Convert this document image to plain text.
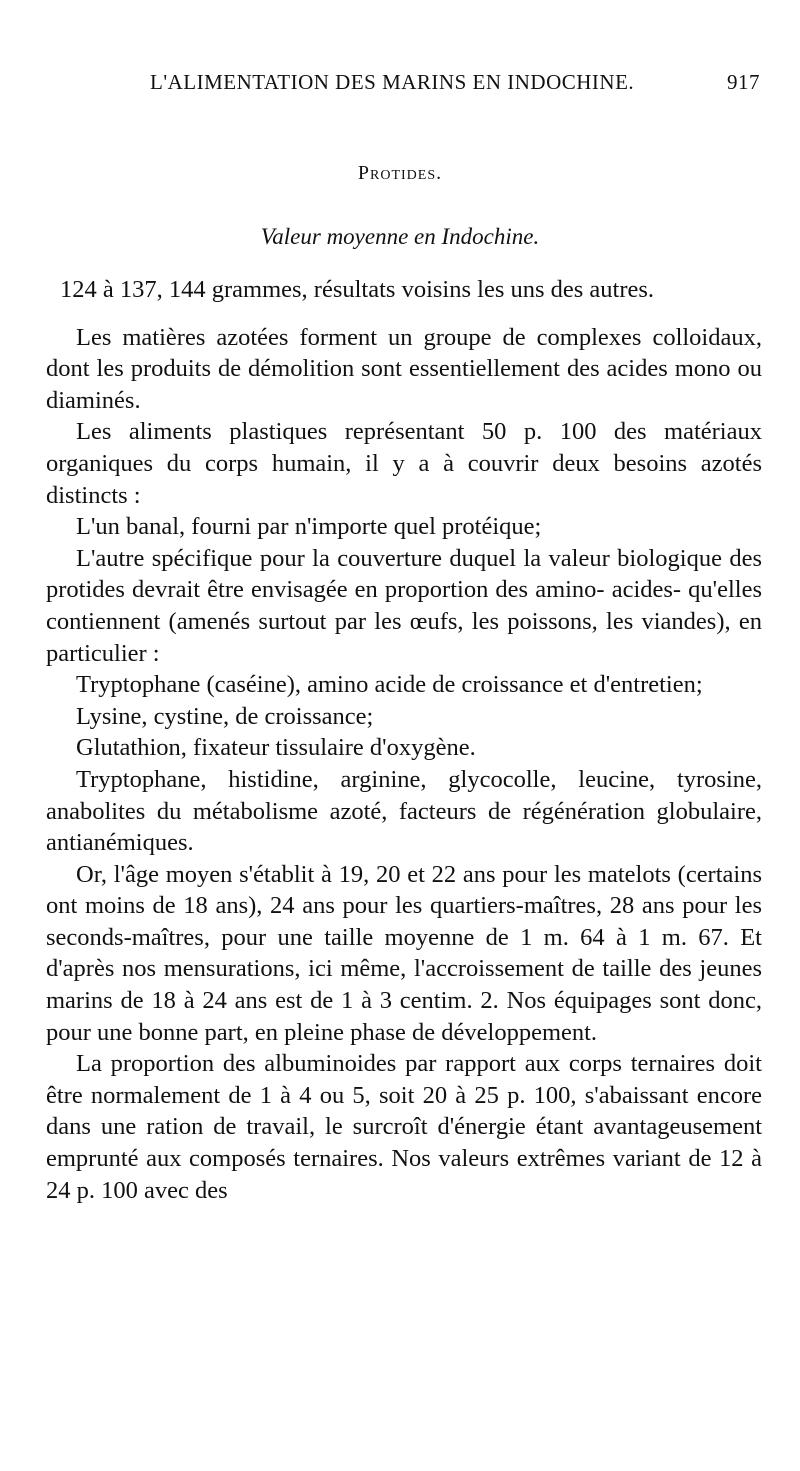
L'ALIMENTATION DES MARINS EN INDOCHINE.	917
Protides.
Valeur moyenne en Indochine.

124 à 137, 144 grammes, résultats voisins les uns des autres.

Les matières azotées forment un groupe de complexes colloidaux, dont les produits de démolition sont essentiellement des acides mono ou diaminés.

Les aliments plastiques représentant 50 p. 100 des matériaux organiques du corps humain, il y a à couvrir deux besoins azotés distincts :

L'un banal, fourni par n'importe quel protéique;

L'autre spécifique pour la couverture duquel la valeur biologique des protides devrait être envisagée en proportion des amino- acides- qu'elles contiennent (amenés surtout par les œufs, les poissons, les viandes), en particulier :

Tryptophane (caséine), amino acide de croissance et d'entretien;

Lysine, cystine, de croissance;

Glutathion, fixateur tissulaire d'oxygène.

Tryptophane, histidine, arginine, glycocolle, leucine, tyrosine, anabolites du métabolisme azoté, facteurs de régénération globulaire, antianémiques.

Or, l'âge moyen s'établit à 19, 20 et 22 ans pour les matelots (certains ont moins de 18 ans), 24 ans pour les quartiers-maîtres, 28 ans pour les seconds-maîtres, pour une taille moyenne de 1 m. 64 à 1 m. 67. Et d'après nos mensurations, ici même, l'accroissement de taille des jeunes marins de 18 à 24 ans est de 1 à 3 centim. 2. Nos équipages sont donc, pour une bonne part, en pleine phase de développement.

La proportion des albuminoides par rapport aux corps ternaires doit être normalement de 1 à 4 ou 5, soit 20 à 25 p. 100, s'abaissant encore dans une ration de travail, le surcroît d'énergie étant avantageusement emprunté aux composés ternaires. Nos valeurs extrêmes variant de 12 à 24 p. 100 avec des
